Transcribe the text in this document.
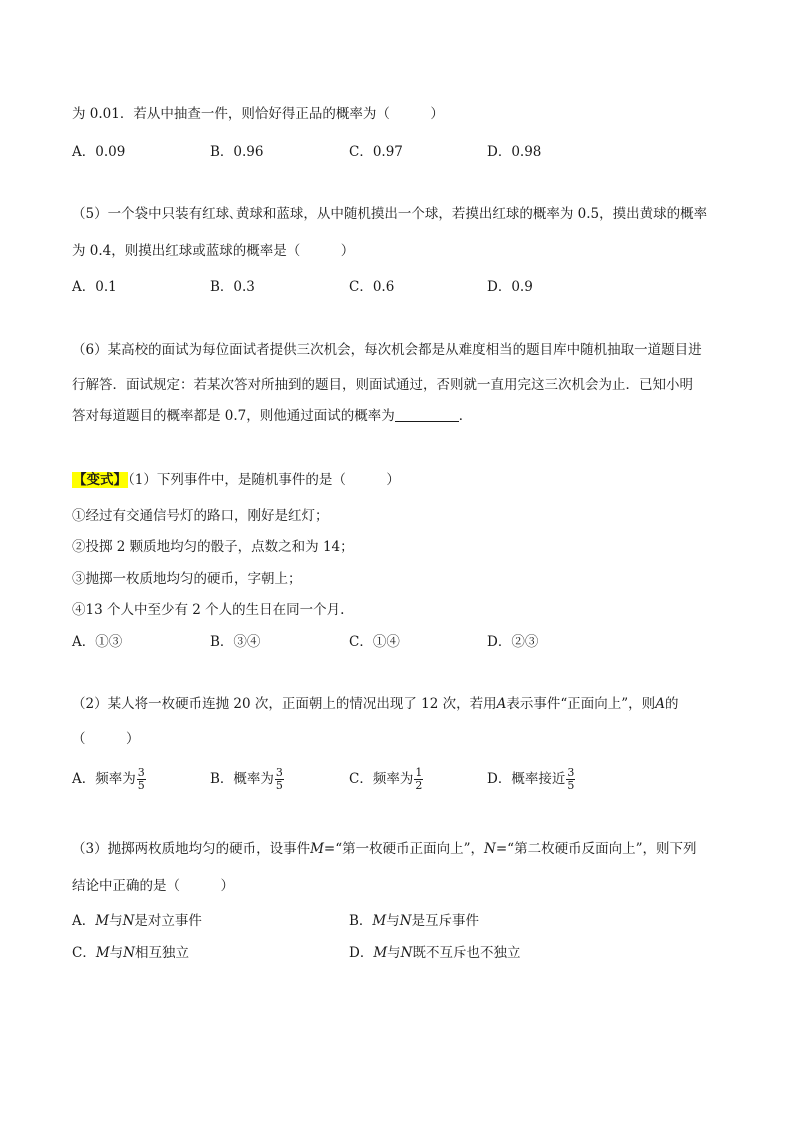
为 0.01．若从中抽查一件，则恰好得正品的概率为（　　　）
A．0.09	B．0.96	C．0.97	D．0.98
（5）一个袋中只装有红球､黄球和蓝球，从中随机摸出一个球，若摸出红球的概率为 0.5，摸出黄球的概率
为 0.4，则摸出红球或蓝球的概率是（　　　）
A．0.1	B．0.3	C．0.6	D．0.9
（6）某高校的面试为每位面试者提供三次机会，每次机会都是从难度相当的题目库中随机抽取一道题目进
行解答．面试规定：若某次答对所抽到的题目，则面试通过，否则就一直用完这三次机会为止．已知小明
答对每道题目的概率都是 0.7，则他通过面试的概率为	．
【变式】（1）下列事件中，是随机事件的是（　　　）
①经过有交通信号灯的路口，刚好是红灯；
②投掷 2 颗质地均匀的骰子，点数之和为 14；
③抛掷一枚质地均匀的硬币，字朝上；
④13 个人中至少有 2 个人的生日在同一个月.
A．①③	B．③④	C．①④	D．②③
（2）某人将一枚硬币连抛 20 次，正面朝上的情况出现了 12 次，若用A表示事件“正面向上”，则A的
（　　　）
A．频率为 $\frac{3}{5}$	B．概率为 $\frac{3}{5}$	C．频率为 $\frac{1}{2}$	D．概率接近 $\frac{3}{5}$
（3）抛掷两枚质地均匀的硬币，设事件M=“第一枚硬币正面向上”，N=“第二枚硬币反面向上”，则下列
结论中正确的是（　　　）
A．M与N是对立事件	B．M与N是互斥事件
C．M与N相互独立	D．M与N既不互斥也不独立
